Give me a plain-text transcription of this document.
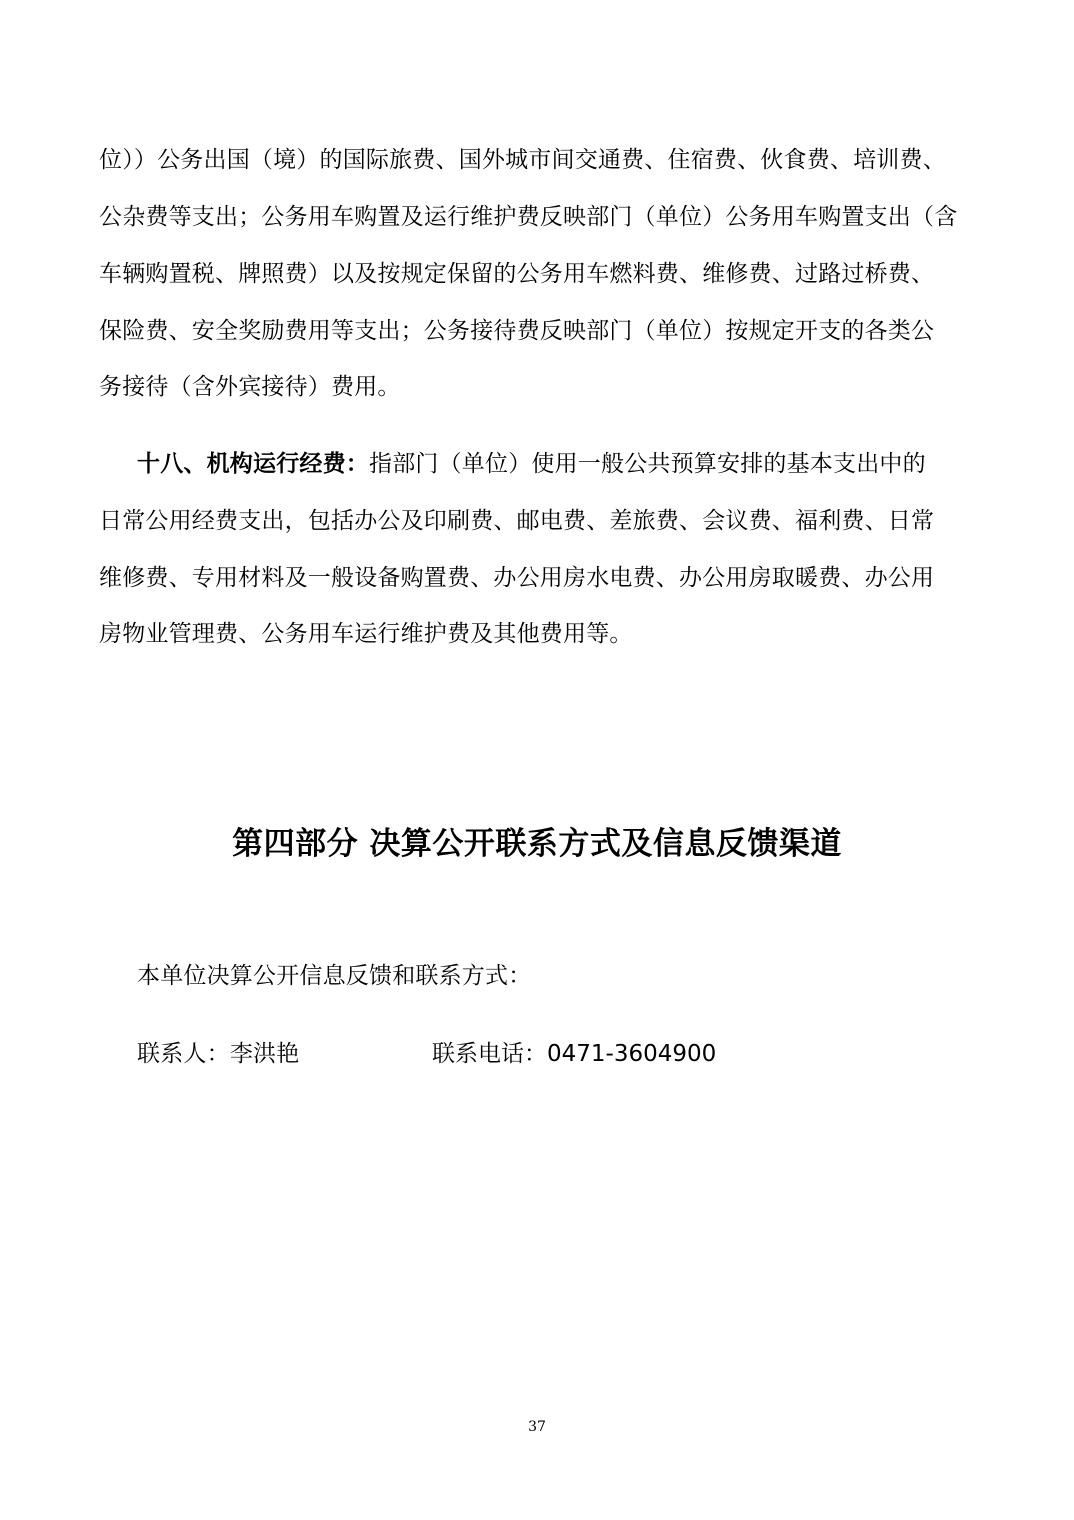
位））公务出国（境）的国际旅费、国外城市间交通费、住宿费、伙食费、培训费、
公杂费等支出；公务用车购置及运行维护费反映部门（单位）公务用车购置支出（含
车辆购置税、牌照费）以及按规定保留的公务用车燃料费、维修费、过路过桥费、
保险费、安全奖励费用等支出；公务接待费反映部门（单位）按规定开支的各类公
务接待（含外宾接待）费用。
十八、机构运行经费：指部门（单位）使用一般公共预算安排的基本支出中的
日常公用经费支出，包括办公及印刷费、邮电费、差旅费、会议费、福利费、日常
维修费、专用材料及一般设备购置费、办公用房水电费、办公用房取暖费、办公用
房物业管理费、公务用车运行维护费及其他费用等。
第四部分 决算公开联系方式及信息反馈渠道
本单位决算公开信息反馈和联系方式：
联系人：李洪艳	联系电话：0471-3604900
37
